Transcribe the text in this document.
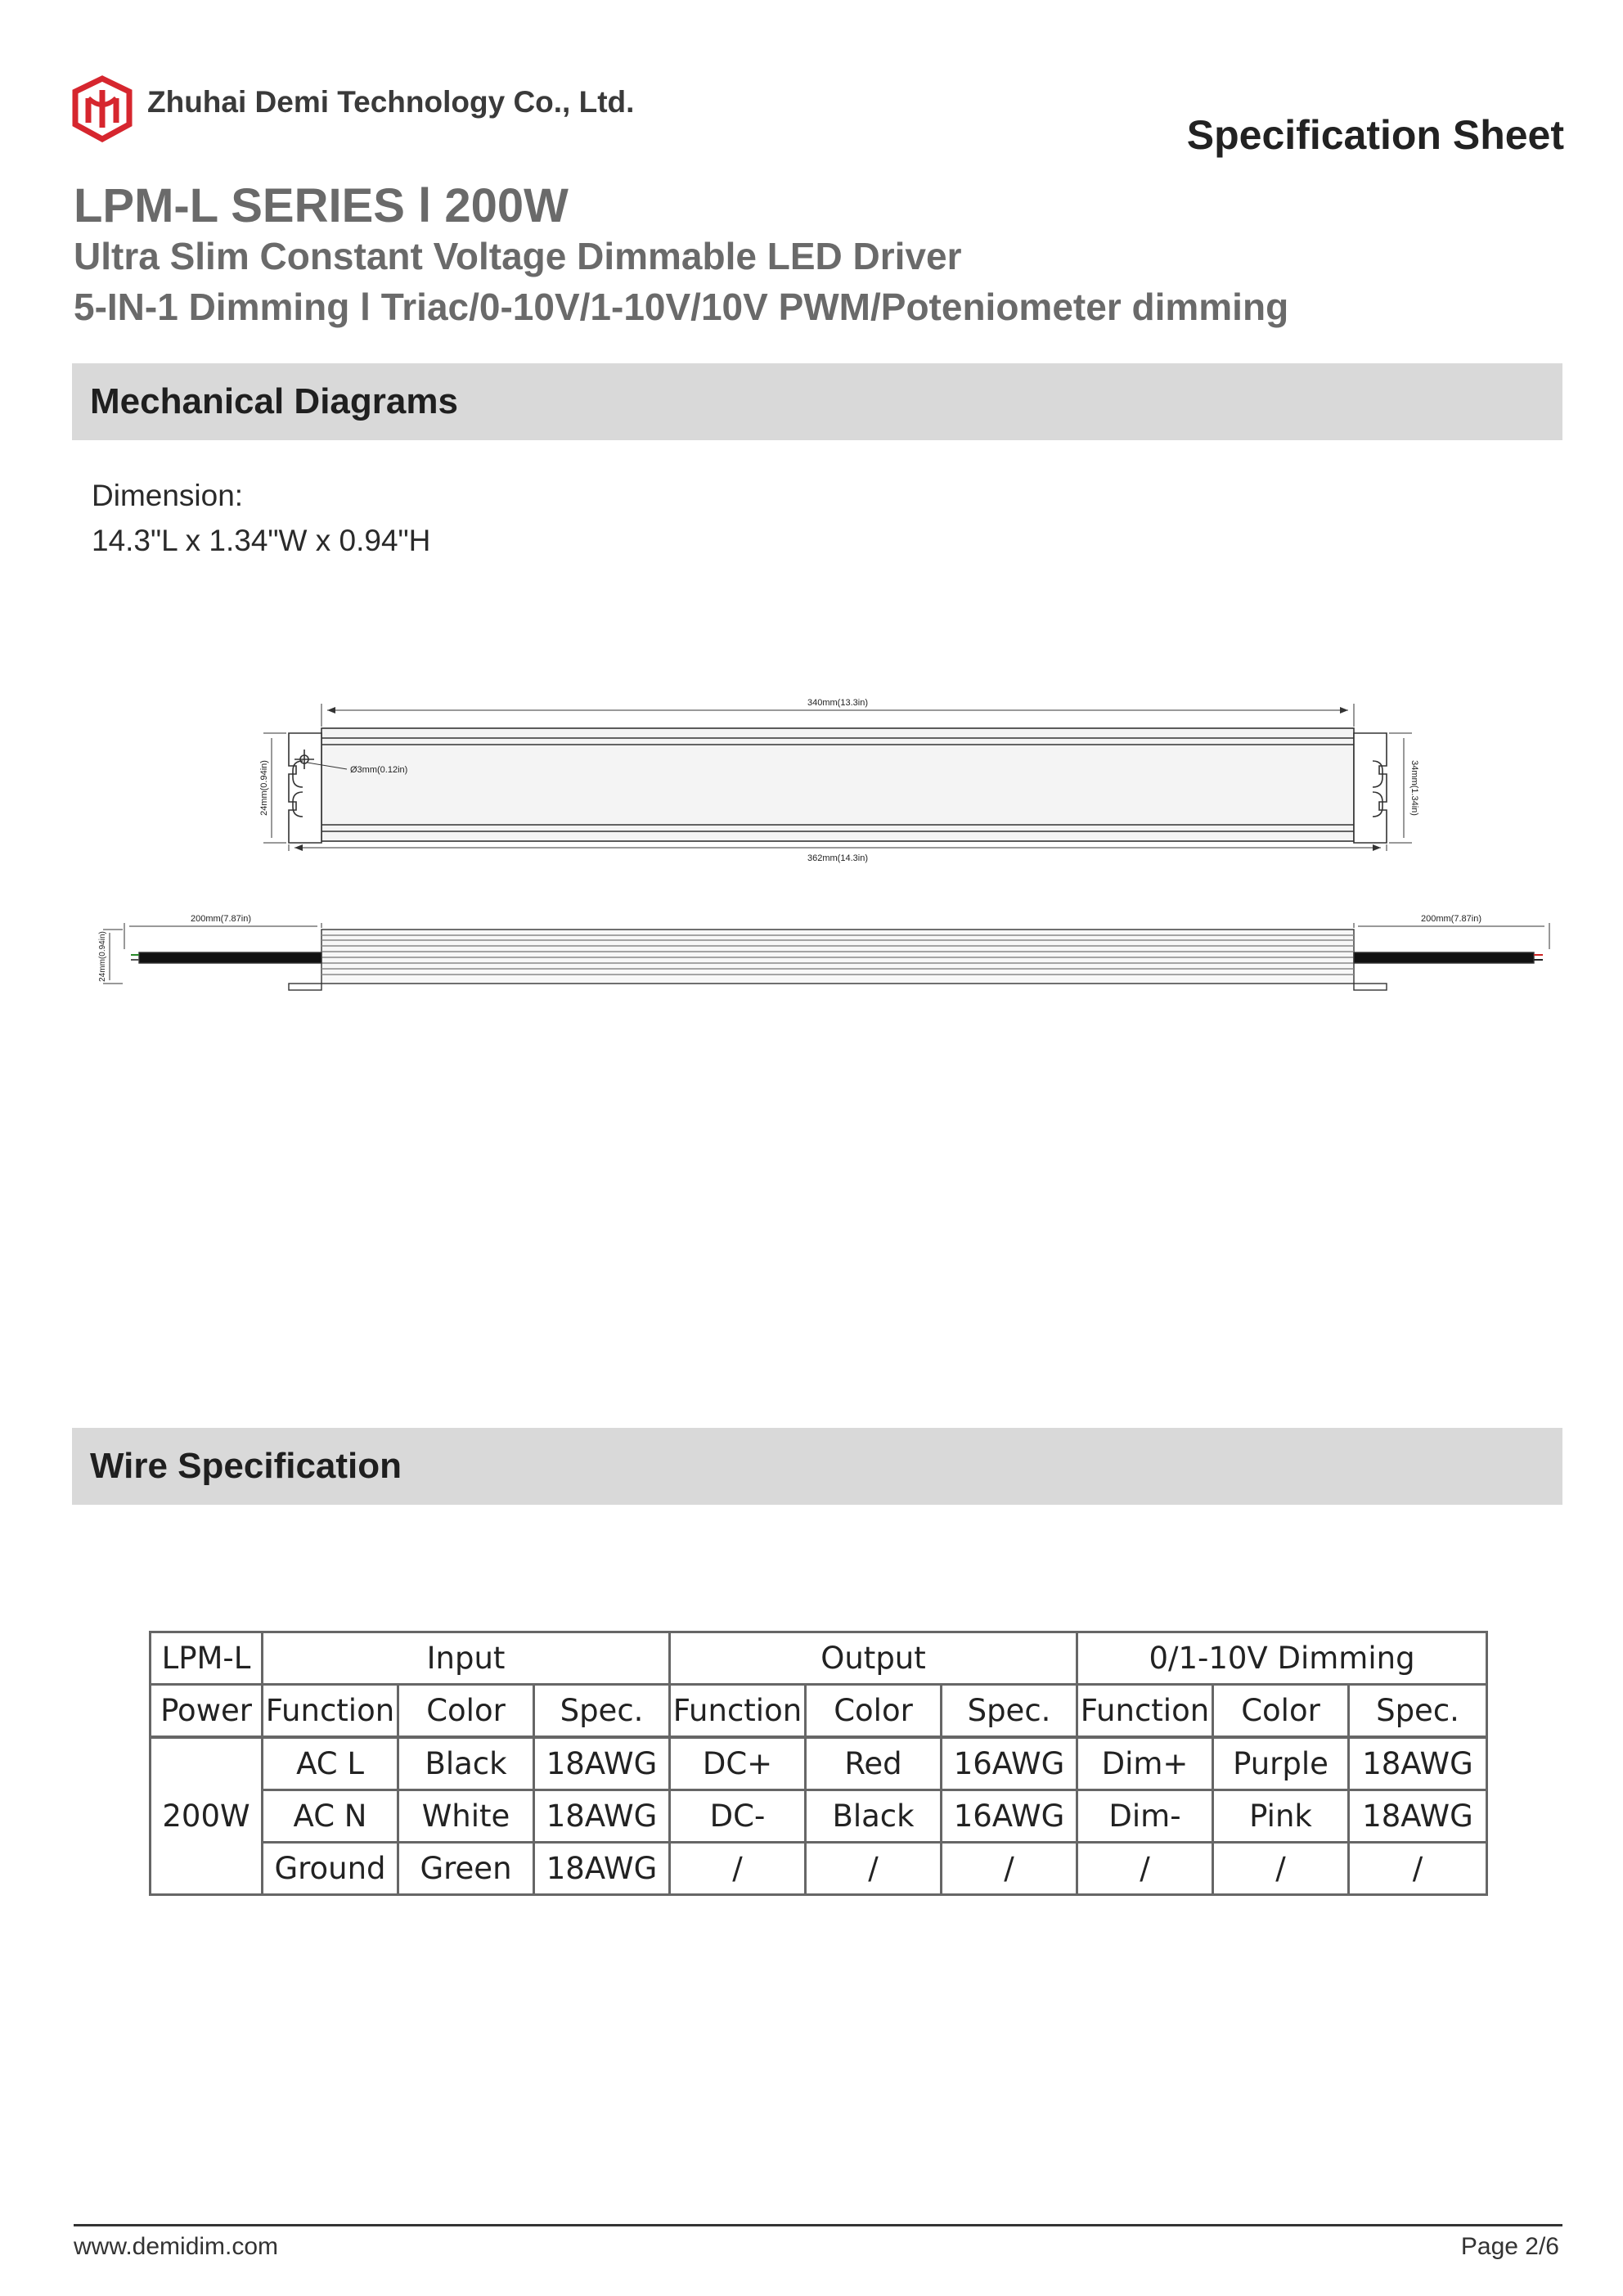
Zhuhai Demi Technology Co., Ltd.
Specification Sheet
LPM-L SERIES l 200W
Ultra Slim Constant Voltage Dimmable LED Driver
5-IN-1 Dimming l Triac/0-10V/1-10V/10V PWM/Poteniometer dimming
Mechanical Diagrams
Dimension:
14.3"L x 1.34"W x 0.94"H
340mm(13.3in)
362mm(14.3in)
Ø3mm(0.12in)
24mm(0.94in)	34mm(1.34in)
200mm(7.87in)	200mm(7.87in)
24mm(0.94in)
Wire Specification
LPM-L	Input			Output			0/1-10V Dimming		
Power	Function	Color	Spec.	Function	Color	Spec.	Function	Color	Spec.
200W	AC L	Black	18AWG	DC+	Red	16AWG	Dim+	Purple	18AWG
	AC N	White	18AWG	DC-	Black	16AWG	Dim-	Pink	18AWG
	Ground	Green	18AWG	/	/	/	/	/	/
www.demidim.com	Page 2/6
